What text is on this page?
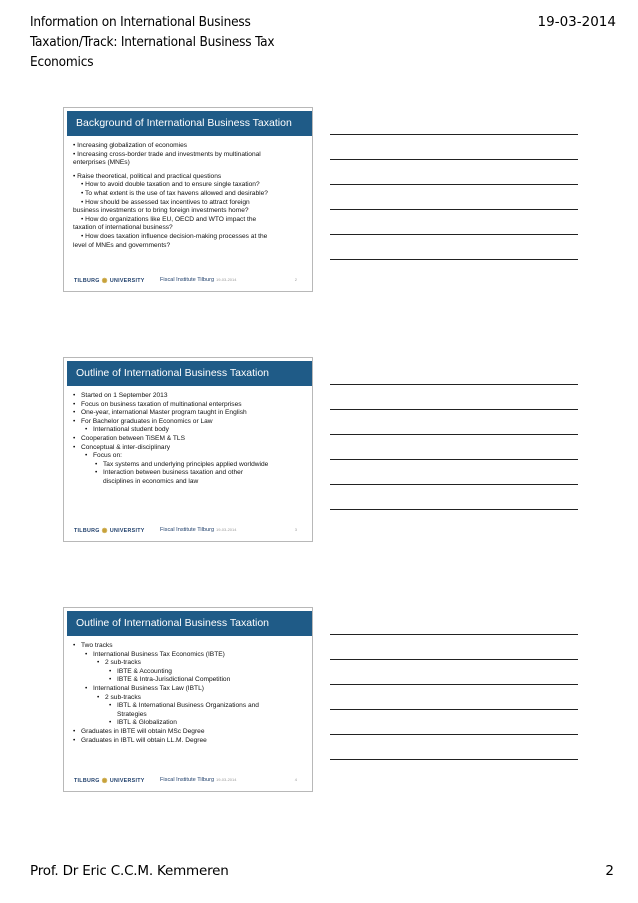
Information on International Business
Taxation/Track: International Business Tax
Economics
19-03-2014
Background of International Business Taxation
• Increasing globalization of economies
• Increasing cross-border trade and investments by multinational
enterprises (MNEs)
• Raise theoretical, political and practical questions
• How to avoid double taxation and to ensure single taxation?
• To what extent is the use of tax havens allowed and desirable?
• How should be assessed tax incentives to attract foreign
business investments or to bring foreign investments home?
• How do organizations like EU, OECD and WTO impact the
taxation of international business?
• How does taxation influence decision-making processes at the
level of MNEs and governments?
TILBURG ✺ UNIVERSITY	Fiscal Institute Tilburg 19-03-2014	2
Outline of International Business Taxation
• Started on 1 September 2013
• Focus on business taxation of multinational enterprises
• One-year, international Master program taught in English
• For Bachelor graduates in Economics or Law
• International student body
• Cooperation between TiSEM & TLS
• Conceptual & inter-disciplinary
• Focus on:
• Tax systems and underlying principles applied worldwide
• Interaction between business taxation and other
disciplines in economics and law
TILBURG ✺ UNIVERSITY	Fiscal Institute Tilburg 19-03-2014	3
Outline of International Business Taxation
• Two tracks
• International Business Tax Economics (IBTE)
• 2 sub-tracks
• IBTE & Accounting
• IBTE & Intra-Jurisdictional Competition
• International Business Tax Law (IBTL)
• 2 sub-tracks
• IBTL & International Business Organizations and
Strategies
• IBTL & Globalization
• Graduates in IBTE will obtain MSc Degree
• Graduates in IBTL will obtain LL.M. Degree
TILBURG ✺ UNIVERSITY	Fiscal Institute Tilburg 19-03-2014	4
Prof. Dr Eric C.C.M. Kemmeren	2
